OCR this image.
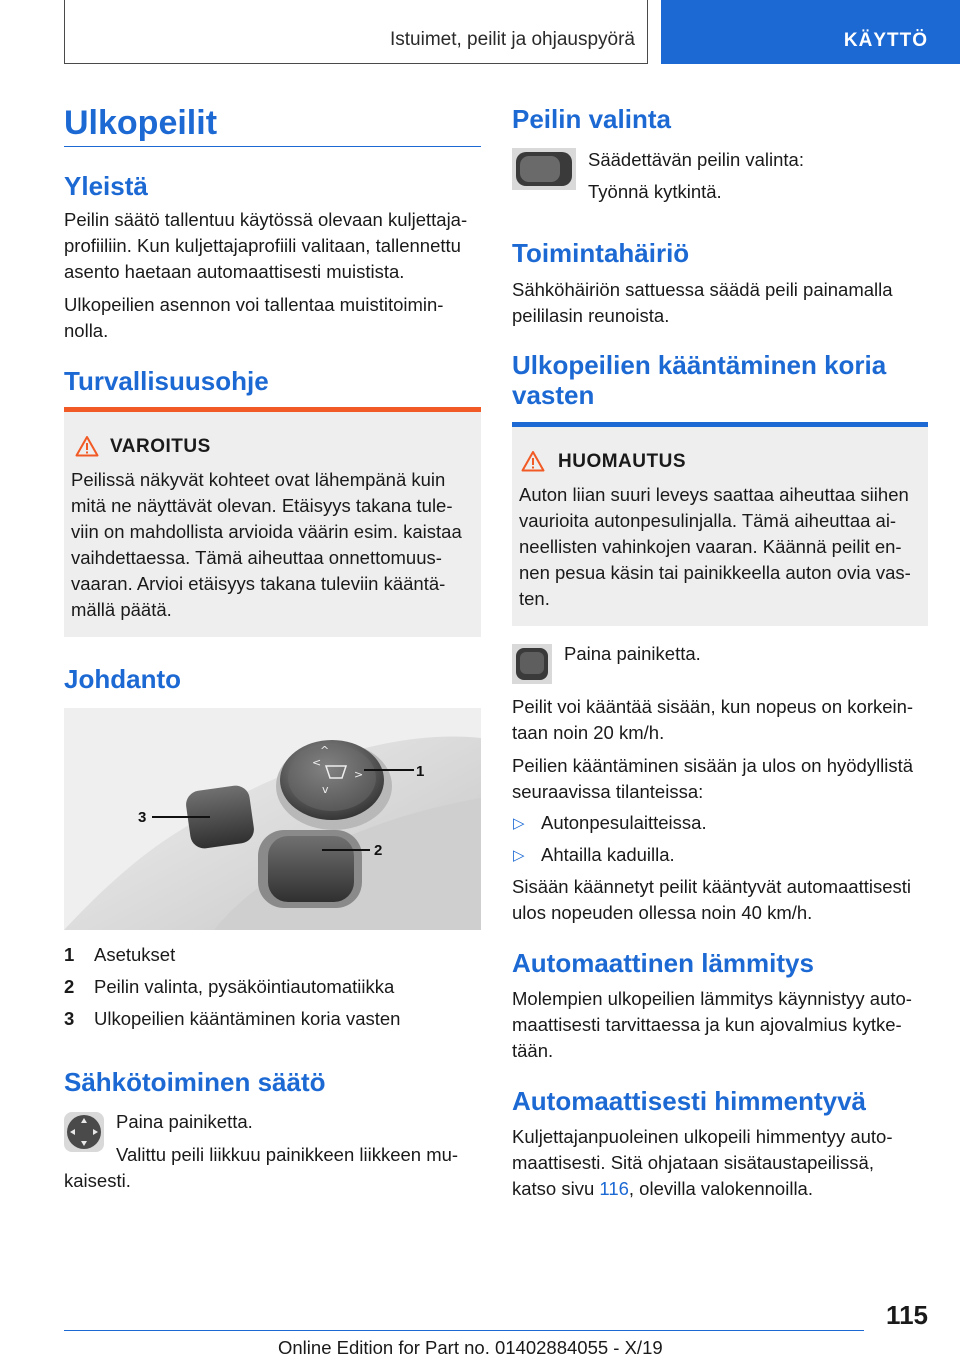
Istuimet, peilit ja ohjauspyörä	KÄYTTÖ
Ulkopeilit
Yleistä
Peilin säätö tallentuu käytössä olevaan kuljettaja-
profiiliin. Kun kuljettajaprofiili valitaan, tallennettu
asento haetaan automaattisesti muistista.
Ulkopeilien asennon voi tallentaa muistitoimin-
nolla.
Turvallisuusohje
VAROITUS
Peilissä näkyvät kohteet ovat lähempänä kuin
mitä ne näyttävät olevan. Etäisyys takana tule-
viin on mahdollista arvioida väärin esim. kaistaa
vaihdettaessa. Tämä aiheuttaa onnettomuus-
vaaran. Arvioi etäisyys takana tuleviin kääntä-
mällä päätä.
Johdanto
^
<
v
>	1
3
2
1 Asetukset
2 Peilin valinta, pysäköintiautomatiikka
3 Ulkopeilien kääntäminen koria vasten
Sähkötoiminen säätö
Paina painiketta.
Valittu peili liikkuu painikkeen liikkeen mu-
kaisesti.
Peilin valinta
Säädettävän peilin valinta:
Työnnä kytkintä.
Toimintahäiriö
Sähköhäiriön sattuessa säädä peili painamalla
peililasin reunoista.
Ulkopeilien kääntäminen koria
vasten
HUOMAUTUS
Auton liian suuri leveys saattaa aiheuttaa siihen
vaurioita autonpesulinjalla. Tämä aiheuttaa ai-
neellisten vahinkojen vaaran. Käännä peilit en-
nen pesua käsin tai painikkeella auton ovia vas-
ten.
Paina painiketta.
Peilit voi kääntää sisään, kun nopeus on korkein-
taan noin 20 km/h.
Peilien kääntäminen sisään ja ulos on hyödyllistä
seuraavissa tilanteissa:
▷ Autonpesulaitteissa.
▷ Ahtailla kaduilla.
Sisään käännetyt peilit kääntyvät automaattisesti
ulos nopeuden ollessa noin 40 km/h.
Automaattinen lämmitys
Molempien ulkopeilien lämmitys käynnistyy auto-
maattisesti tarvittaessa ja kun ajovalmius kytke-
tään.
Automaattisesti himmentyvä
Kuljettajanpuoleinen ulkopeili himmentyy auto-
maattisesti. Sitä ohjataan sisätaustapeilissä,
katso sivu 116, olevilla valokennoilla.
115
Online Edition for Part no. 01402884055 - X/19
